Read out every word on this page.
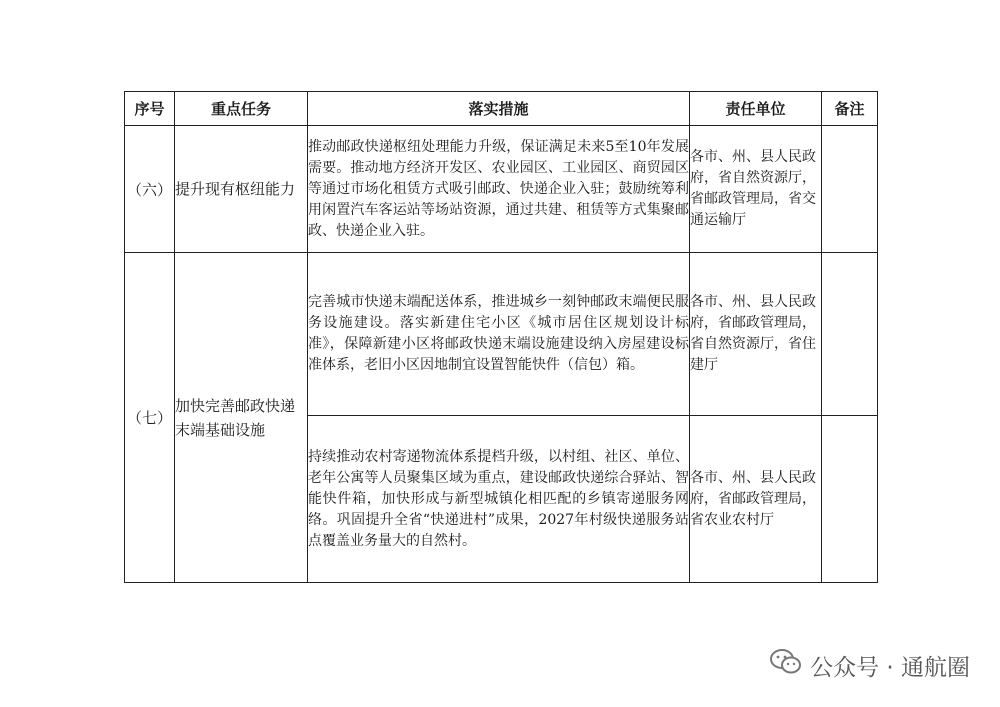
序号	重点任务	落实措施	责任单位	备注
（六）	提升现有枢纽能力	推动邮政快递枢纽处理能力升级，保证满足未来5至10年发展需要。推动地方经济开发区、农业园区、工业园区、商贸园区等通过市场化租赁方式吸引邮政、快递企业入驻；鼓励统筹利用闲置汽车客运站等场站资源，通过共建、租赁等方式集聚邮政、快递企业入驻。	各市、州、县人民政府，省自然资源厅，省邮政管理局，省交通运输厅	
（七）	加快完善邮政快递末端基础设施	完善城市快递末端配送体系，推进城乡一刻钟邮政末端便民服务设施建设。落实新建住宅小区《城市居住区规划设计标准》，保障新建小区将邮政快递末端设施建设纳入房屋建设标准体系，老旧小区因地制宜设置智能快件（信包）箱。	各市、州、县人民政府，省邮政管理局，省自然资源厅，省住建厅	
		持续推动农村寄递物流体系提档升级，以村组、社区、单位、老年公寓等人员聚集区域为重点，建设邮政快递综合驿站、智能快件箱，加快形成与新型城镇化相匹配的乡镇寄递服务网络。巩固提升全省“快递进村”成果，2027年村级快递服务站点覆盖业务量大的自然村。	各市、州、县人民政府，省邮政管理局，省农业农村厅	
公众号 · 通航圈
